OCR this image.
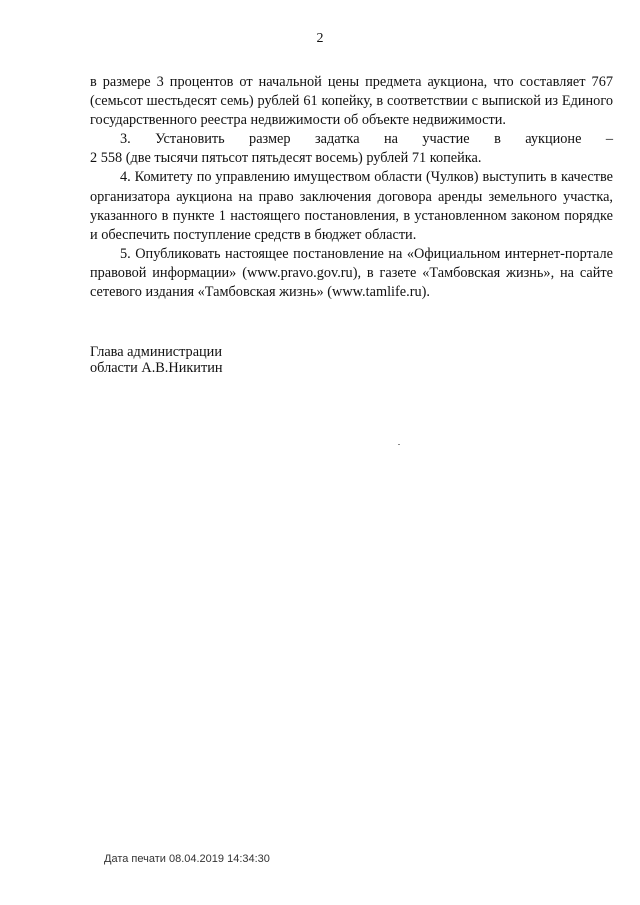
2

в размере 3 процентов от начальной цены предмета аукциона, что составляет 767 (семьсот шестьдесят семь) рублей 61 копейку, в соответствии с выпиской из Единого государственного реестра недвижимости об объекте недвижимости.

3. Установить размер задатка на участие в аукционе –

2 558 (две тысячи пятьсот пятьдесят восемь) рублей 71 копейка.

4. Комитету по управлению имуществом области (Чулков) выступить в качестве организатора аукциона на право заключения договора аренды земельного участка, указанного в пункте 1 настоящего постановления, в установленном законом порядке и обеспечить поступление средств в бюджет области.

5. Опубликовать настоящее постановление на «Официальном интернет-портале правовой информации» (www.pravo.gov.ru), в газете «Тамбовская жизнь», на сайте сетевого издания «Тамбовская жизнь» (www.tamlife.ru).

Глава администрации
области А.В.Никитин
Дата печати 08.04.2019 14:34:30
